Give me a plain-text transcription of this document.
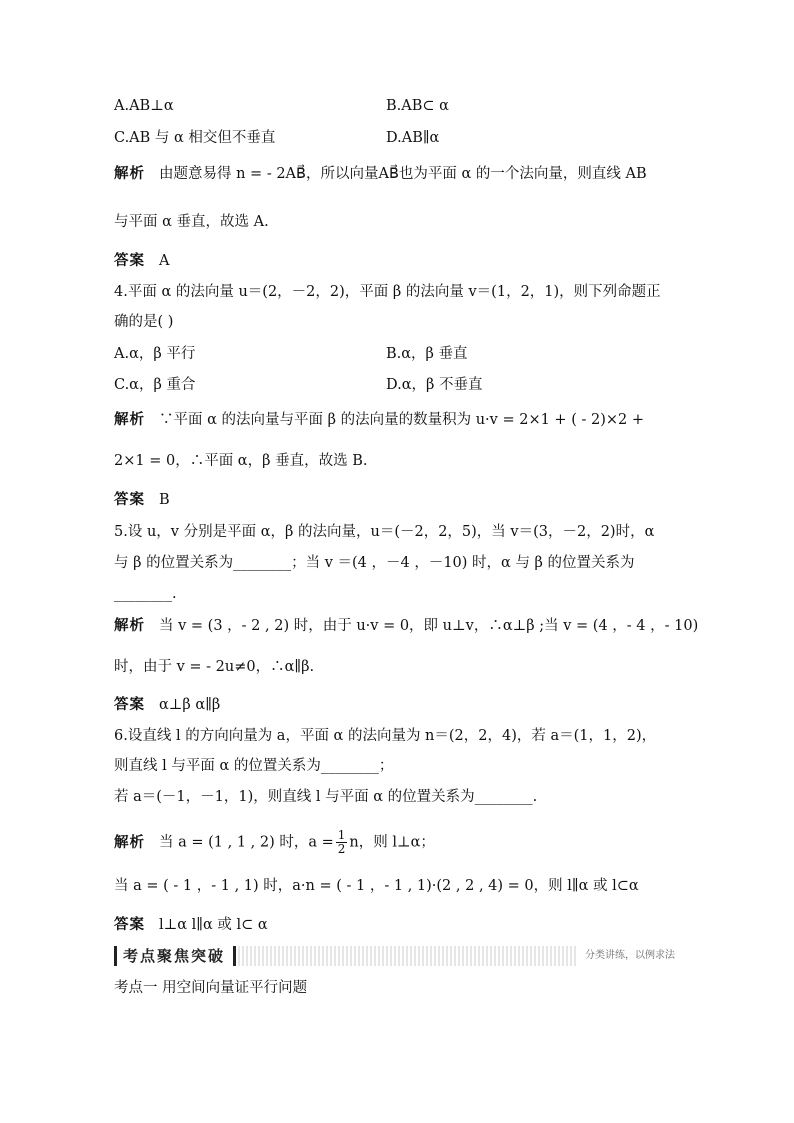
A.AB⊥α	B.AB⊂ α
C.AB 与 α 相交但不垂直	D.AB∥α
解析 由题意易得 n = ‐ 2AB⃗，所以向量AB⃗也为平面 α 的一个法向量，则直线 AB
与平面 α 垂直，故选 A.
答案 A
4.平面 α 的法向量 u＝(2，－2，2)，平面 β 的法向量 v＝(1，2，1)，则下列命题正
确的是( )
A.α，β 平行	B.α，β 垂直
C.α，β 重合	D.α，β 不垂直
解析 ∵平面 α 的法向量与平面 β 的法向量的数量积为 u·v = 2×1 + ( ‐ 2)×2 +
2×1 = 0，∴平面 α，β 垂直，故选 B.
答案 B
5.设 u，v 分别是平面 α，β 的法向量，u＝(－2，2，5)，当 v＝(3，－2，2)时，α
与 β 的位置关系为________；当 v ＝(4 ，－4 ，－10) 时，α 与 β 的位置关系为
________.
解析 当 v = (3 ，‐ 2 , 2) 时，由于 u·v = 0，即 u⊥v，∴α⊥β ;当 v = (4 ，‐ 4 ，‐ 10)
时，由于 v = ‐ 2u≠0，∴α∥β.
答案 α⊥β α∥β
6.设直线 l 的方向向量为 a，平面 α 的法向量为 n＝(2，2，4)，若 a＝(1，1，2)，
则直线 l 与平面 α 的位置关系为________；
若 a＝(－1，－1，1)，则直线 l 与平面 α 的位置关系为________.
解析 当 a = (1 , 1 , 2) 时，$a = \frac{1}{2}$ n，则 l⊥α；
当 a = ( ‐ 1 ，‐ 1 , 1) 时，a·n = ( ‐ 1 ，‐ 1 , 1)·(2 , 2 , 4) = 0，则 l∥α 或 l⊂α
答案 l⊥α l∥α 或 l⊂ α
考点一 用空间向量证平行问题
考点聚焦突破	分类讲练，以例求法
